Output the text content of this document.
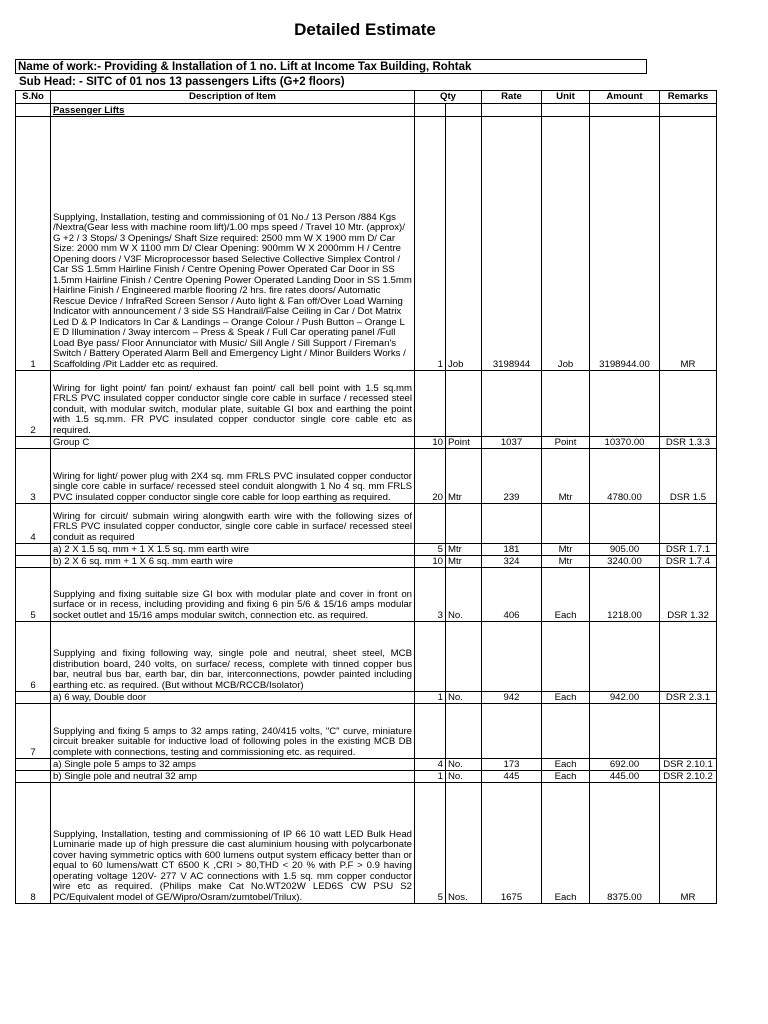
Detailed Estimate
Name of work:- Providing & Installation of 1 no. Lift at Income Tax Building, Rohtak
Sub Head: - SITC of 01 nos 13 passengers Lifts (G+2 floors)
S.No	Description of Item	Qty		Rate	Unit	Amount	Remarks
	Passenger Lifts						
1	Supplying, Installation, testing and commissioning of 01 No./ 13 Person /884 Kgs /Nextra(Gear less with machine room lift)/1.00 mps speed / Travel 10 Mtr. (approx)/ G +2 / 3 Stops/ 3 Openings/ Shaft Size required: 2500 mm W X 1900 mm D/ Car Size: 2000 mm W X 1100 mm D/ Clear Opening: 900mm W X 2000mm H / Centre Opening doors / V3F Microprocessor based Selective Collective Simplex Control / Car SS 1.5mm Hairline Finish / Centre Opening Power Operated Car Door in SS 1.5mm Hairline Finish / Centre Opening Power Operated Landing Door in SS 1.5mm Hairline Finish / Engineered marble flooring /2 hrs. fire rates doors/ Automatic Rescue Device / InfraRed Screen Sensor / Auto light & Fan off/Over Load Warning Indicator with announcement / 3 side SS Handrail/False Ceiling in Car / Dot Matrix Led D & P Indicators In Car & Landings – Orange Colour / Push Button – Orange L E D Illumination / 3way intercom – Press & Speak / Full Car operating panel /Full Load Bye pass/ Floor Annunciator with Music/ Sill Angle / Sill Support / Fireman's Switch / Battery Operated Alarm Bell and Emergency Light / Minor Builders Works / Scaffolding /Pit Ladder etc as required.	1	Job	3198944	Job	3198944.00	MR
2	Wiring for light point/ fan point/ exhaust fan point/ call bell point with 1.5 sq.mm FRLS PVC insulated copper conductor single core cable in surface / recessed steel conduit, with modular switch, modular plate, suitable GI box and earthing the point with 1.5 sq.mm. FR PVC insulated copper conductor single core cable etc as required.						
	Group C	10	Point	1037	Point	10370.00	DSR 1.3.3
3	Wiring for light/ power plug with 2X4 sq. mm FRLS PVC insulated copper conductor single core cable in surface/ recessed steel conduit alongwith 1 No 4 sq. mm FRLS PVC insulated copper conductor single core cable for loop earthing as required.	20	Mtr	239	Mtr	4780.00	DSR 1.5
4	Wiring for circuit/ submain wiring alongwith earth wire with the following sizes of FRLS PVC insulated copper conductor, single core cable in surface/ recessed steel conduit as required						
	a) 2 X 1.5 sq. mm + 1 X 1.5 sq. mm earth wire	5	Mtr	181	Mtr	905.00	DSR 1.7.1
	b) 2 X 6 sq. mm + 1 X 6 sq. mm earth wire	10	Mtr	324	Mtr	3240.00	DSR 1.7.4
5	Supplying and fixing suitable size GI box with modular plate and cover in front on surface or in recess, including providing and fixing 6 pin 5/6 & 15/16 amps modular socket outlet and 15/16 amps modular switch, connection etc. as required.	3	No.	406	Each	1218.00	DSR 1.32
6	Supplying and fixing following way, single pole and neutral, sheet steel, MCB distribution board, 240 volts, on surface/ recess, complete with tinned copper bus bar, neutral bus bar, earth bar, din bar, interconnections, powder painted including earthing etc. as required. (But without MCB/RCCB/Isolator)						
	a) 6 way, Double door	1	No.	942	Each	942.00	DSR 2.3.1
7	Supplying and fixing 5 amps to 32 amps rating, 240/415 volts, "C" curve, miniature circuit breaker suitable for inductive load of following poles in the existing MCB DB complete with connections, testing and commissioning etc. as required.						
	a) Single pole 5 amps to 32 amps	4	No.	173	Each	692.00	DSR 2.10.1
	b) Single pole and neutral 32 amp	1	No.	445	Each	445.00	DSR 2.10.2
8	Supplying, Installation, testing and commissioning of IP 66 10 watt LED Bulk Head Luminarie made up of high pressure die cast aluminium housing with polycarbonate cover having symmetric optics with 600 lumens output system efficacy better than or equal to 60 lumens/watt CT 6500 K ,CRI > 80,THD < 20 % with P.F > 0.9 having operating voltage 120V- 277 V AC connections with 1.5 sq. mm copper conductor wire etc as required. (Philips make Cat No.WT202W LED6S CW PSU S2 PC/Equivalent model of GE/Wipro/Osram/zumtobel/Trilux).	5	Nos.	1675	Each	8375.00	MR
